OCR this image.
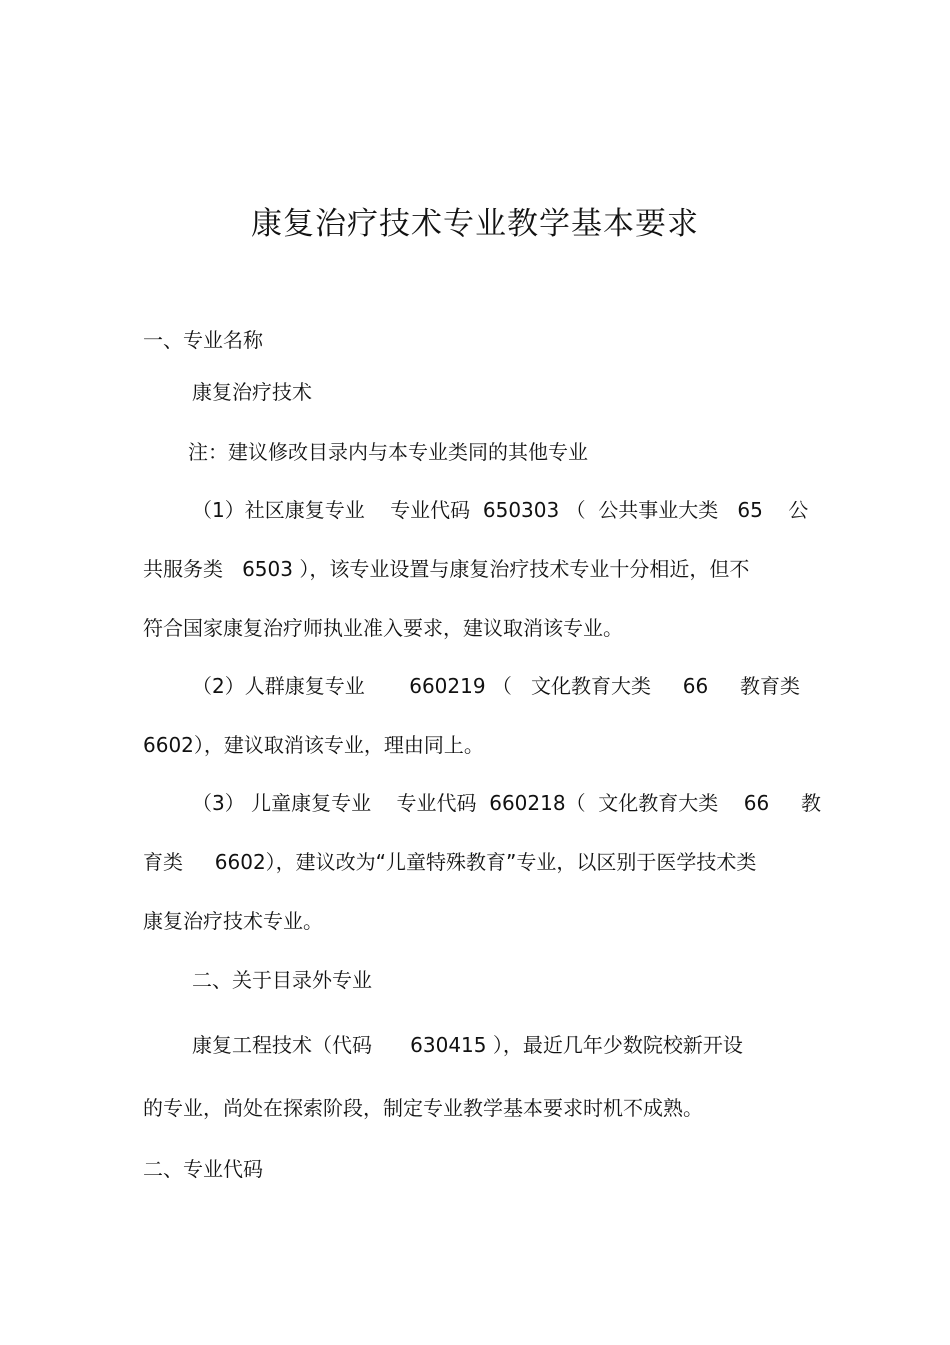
康复治疗技术专业教学基本要求
一、专业名称
康复治疗技术
注：建议修改目录内与本专业类同的其他专业
（1）社区康复专业    专业代码  650303 （  公共事业大类   65    公
共服务类   6503 ），该专业设置与康复治疗技术专业十分相近，但不
符合国家康复治疗师执业准入要求，建议取消该专业。
（2）人群康复专业       660219 （   文化教育大类     66     教育类
6602），建议取消该专业，理由同上。
（3） 儿童康复专业    专业代码  660218（  文化教育大类    66     教
育类     6602），建议改为“儿童特殊教育”专业，以区别于医学技术类
康复治疗技术专业。
二、关于目录外专业
康复工程技术（代码      630415 ），最近几年少数院校新开设
的专业，尚处在探索阶段，制定专业教学基本要求时机不成熟。
二、专业代码
